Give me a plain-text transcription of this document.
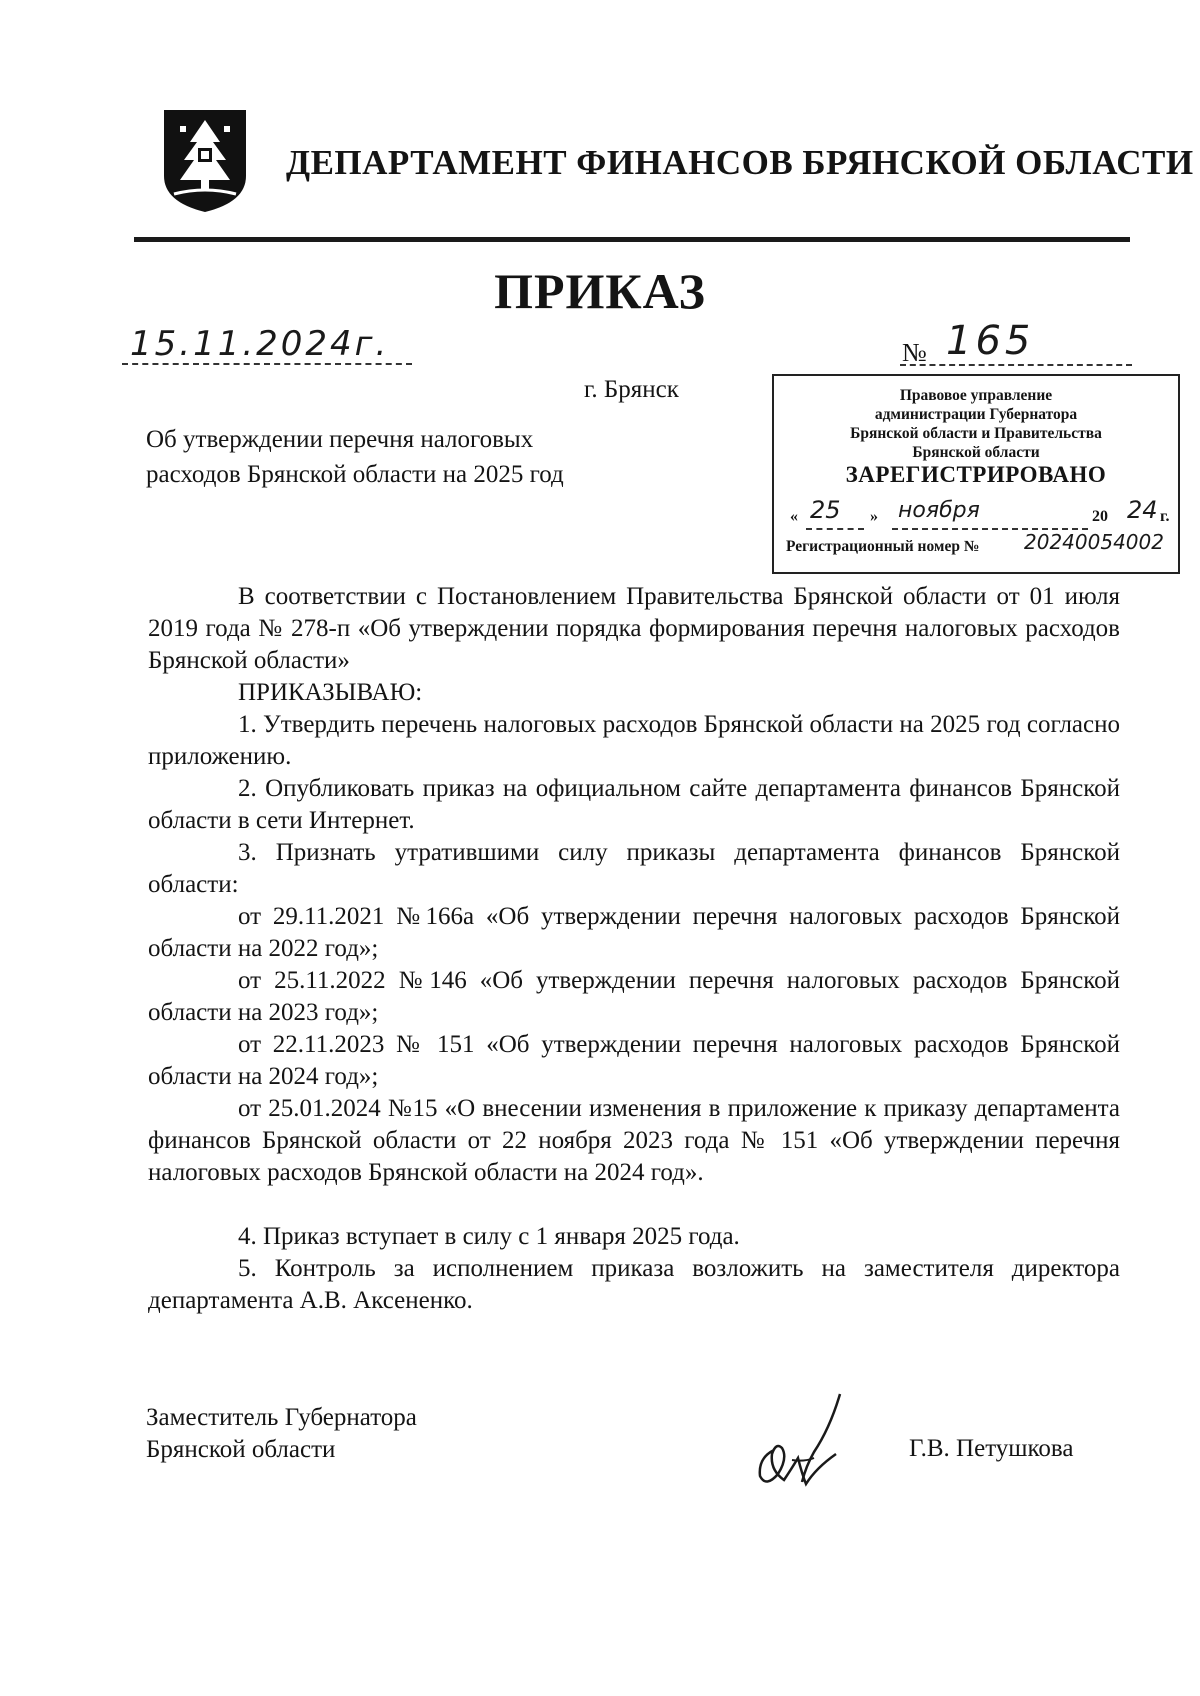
ДЕПАРТАМЕНТ ФИНАНСОВ БРЯНСКОЙ ОБЛАСТИ
ПРИКАЗ
15.11.2024г.	№ 165
г. Брянск
Об утверждении перечня налоговых
расходов Брянской области на 2025 год
Правовое управление
администрации Губернатора
Брянской области и Правительства
Брянской области
ЗАРЕГИСТРИРОВАНО
« 25 » ноября	20 24 г.
Регистрационный номер № 20240054002

В соответствии с Постановлением Правительства Брянской области от 01 июля 2019 года № 278-п «Об утверждении порядка формирования перечня налоговых расходов Брянской области»

ПРИКАЗЫВАЮ:

1. Утвердить перечень налоговых расходов Брянской области на 2025 год согласно приложению.

2. Опубликовать приказ на официальном сайте департамента финансов Брянской области в сети Интернет.

3. Признать утратившими силу приказы департамента финансов Брянской области:

от 29.11.2021 №166а «Об утверждении перечня налоговых расходов Брянской области на 2022 год»;

от 25.11.2022 №146 «Об утверждении перечня налоговых расходов Брянской области на 2023 год»;

от 22.11.2023 № 151 «Об утверждении перечня налоговых расходов Брянской области на 2024 год»;

от 25.01.2024 №15 «О внесении изменения в приложение к приказу департамента финансов Брянской области от 22 ноября 2023 года № 151 «Об утверждении перечня налоговых расходов Брянской области на 2024 год».

4. Приказ вступает в силу с 1 января 2025 года.

5. Контроль за исполнением приказа возложить на заместителя директора департамента А.В. Аксененко.

Заместитель Губернатора
Брянской области	Г.В. Петушкова
